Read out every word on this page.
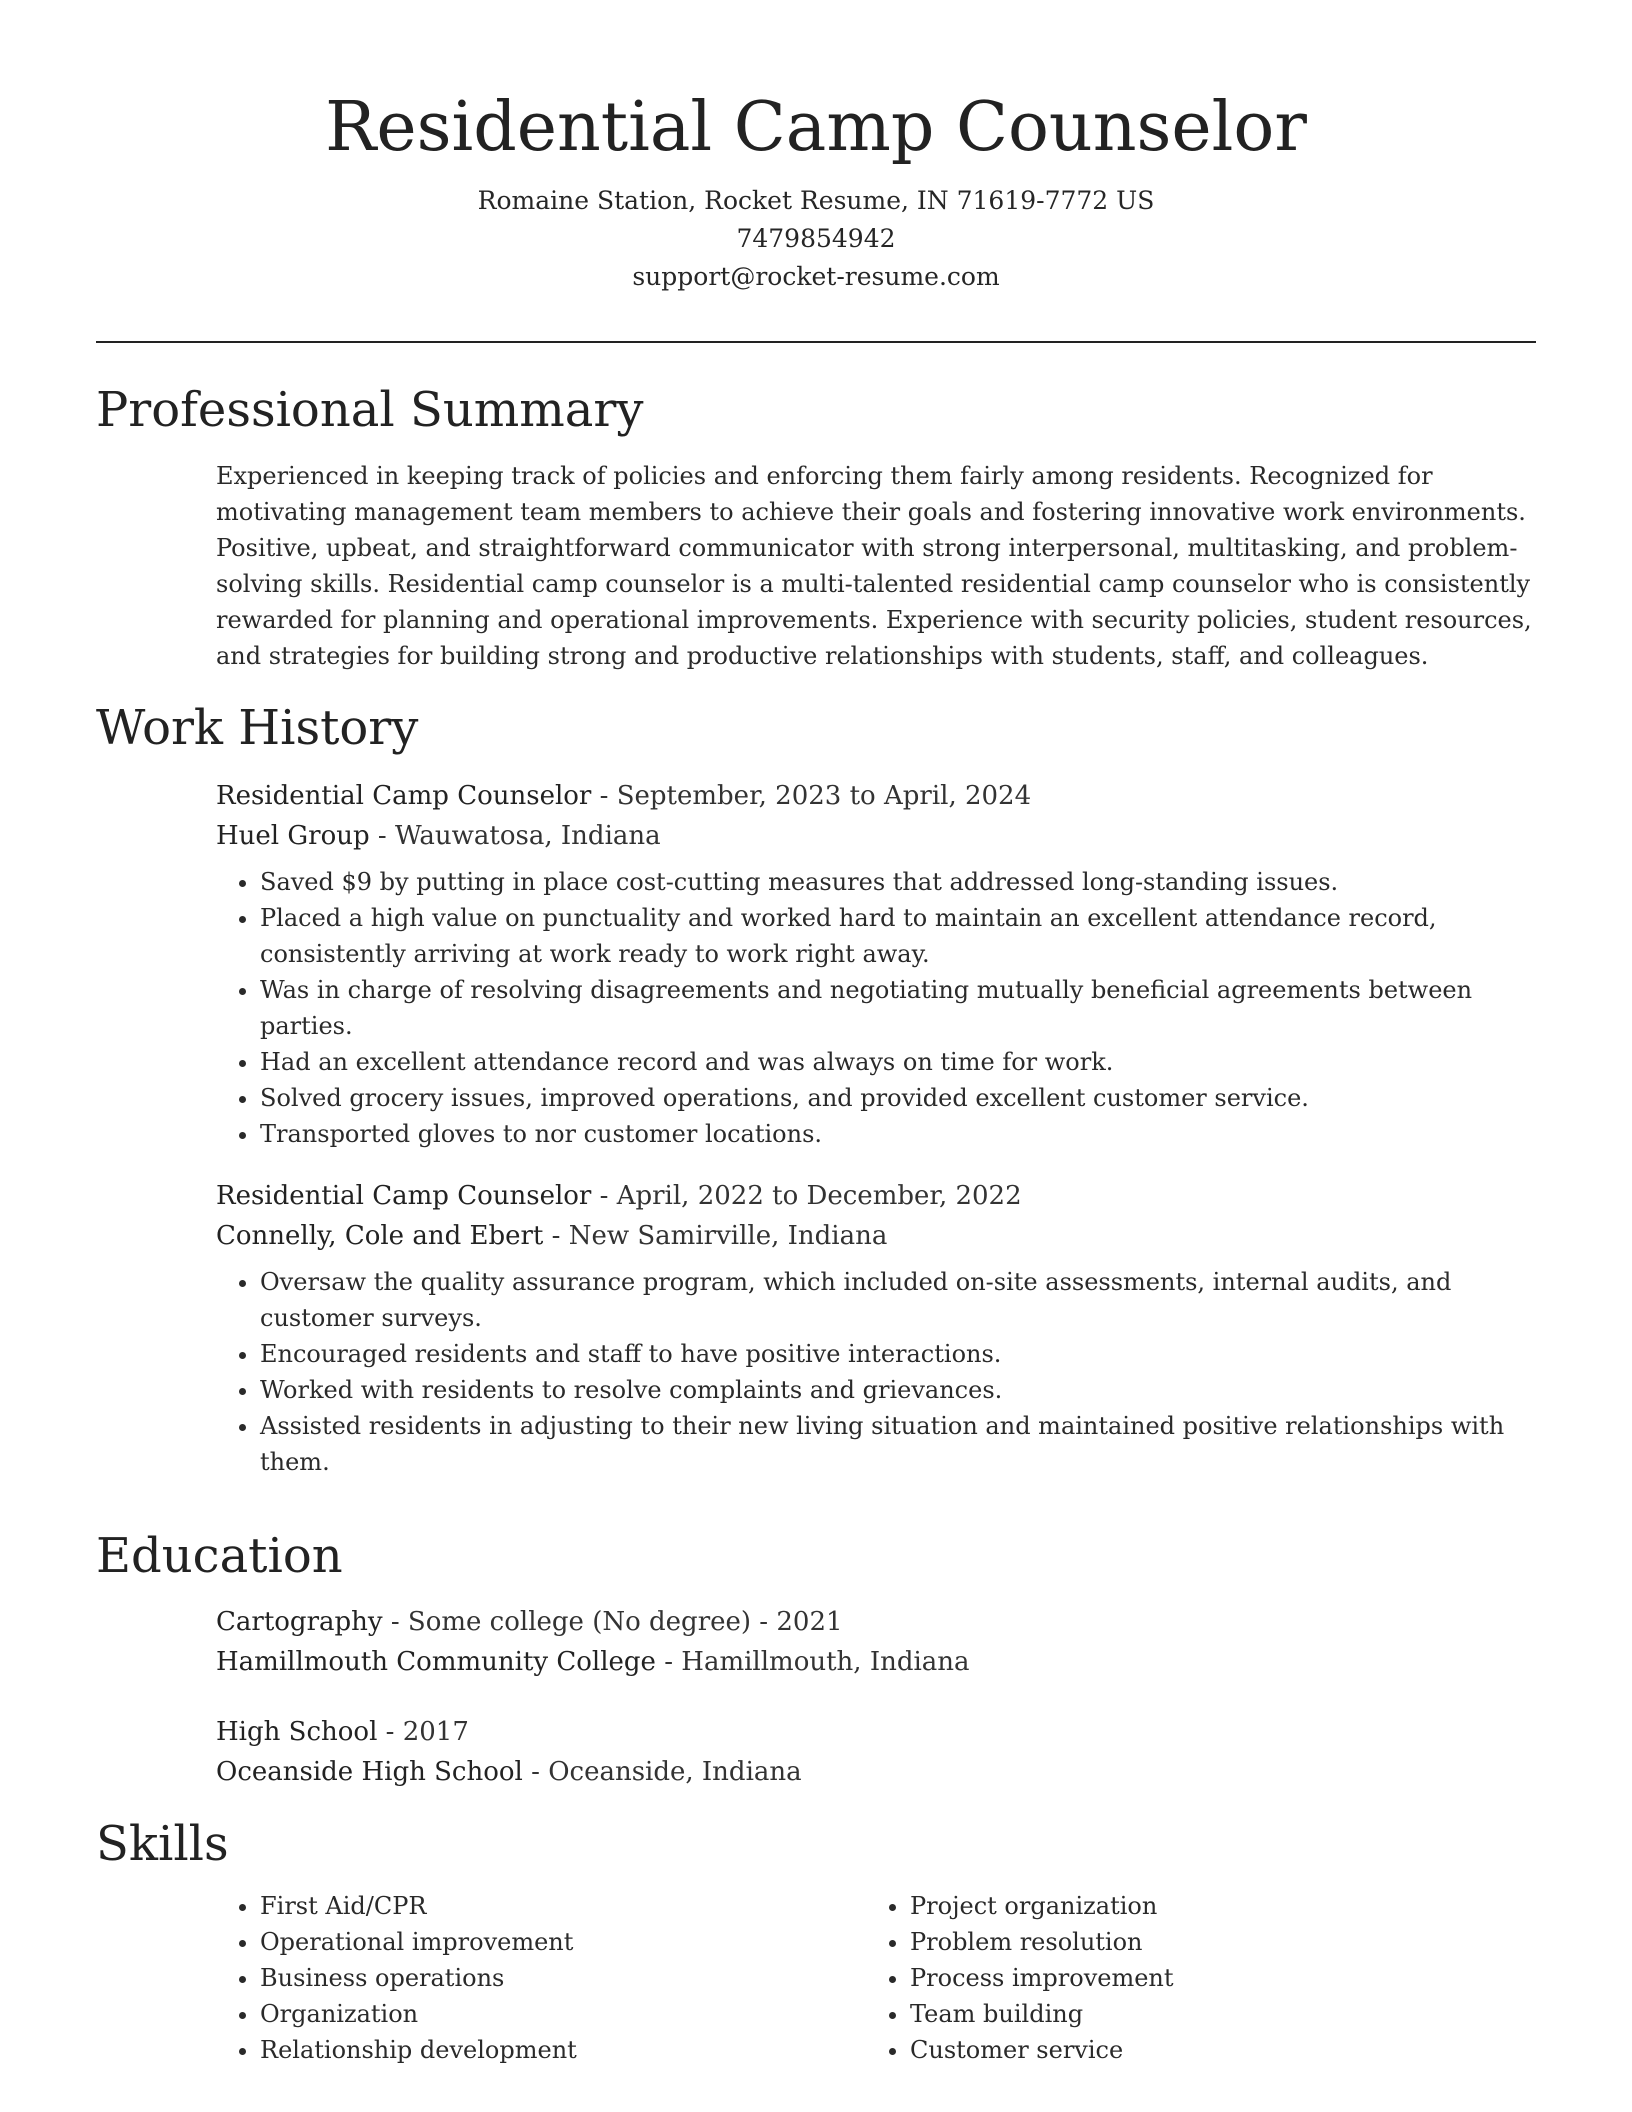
Residential Camp Counselor
Romaine Station, Rocket Resume, IN 71619-7772 US
7479854942
support@rocket-resume.com
Professional Summary

Experienced in keeping track of policies and enforcing them fairly among residents. Recognized for motivating management team members to achieve their goals and fostering innovative work environments. Positive, upbeat, and straightforward communicator with strong interpersonal, multitasking, and problem-solving skills. Residential camp counselor is a multi-talented residential camp counselor who is consistently rewarded for planning and operational improvements. Experience with security policies, student resources, and strategies for building strong and productive relationships with students, staff, and colleagues.

Work History

Residential Camp Counselor - September, 2023 to April, 2024

Huel Group - Wauwatosa, Indiana

• Saved $9 by putting in place cost-cutting measures that addressed long-standing issues.
• Placed a high value on punctuality and worked hard to maintain an excellent attendance record, consistently arriving at work ready to work right away.
• Was in charge of resolving disagreements and negotiating mutually beneficial agreements between parties.
• Had an excellent attendance record and was always on time for work.
• Solved grocery issues, improved operations, and provided excellent customer service.
• Transported gloves to nor customer locations.

Residential Camp Counselor - April, 2022 to December, 2022

Connelly, Cole and Ebert - New Samirville, Indiana

• Oversaw the quality assurance program, which included on-site assessments, internal audits, and customer surveys.
• Encouraged residents and staff to have positive interactions.
• Worked with residents to resolve complaints and grievances.
• Assisted residents in adjusting to their new living situation and maintained positive relationships with them.
Education

Cartography - Some college (No degree) - 2021

Hamillmouth Community College - Hamillmouth, Indiana

High School - 2017

Oceanside High School - Oceanside, Indiana

Skills
• First Aid/CPR
• Operational improvement
• Business operations
• Organization
• Relationship development
• Project organization
• Problem resolution
• Process improvement
• Team building
• Customer service
